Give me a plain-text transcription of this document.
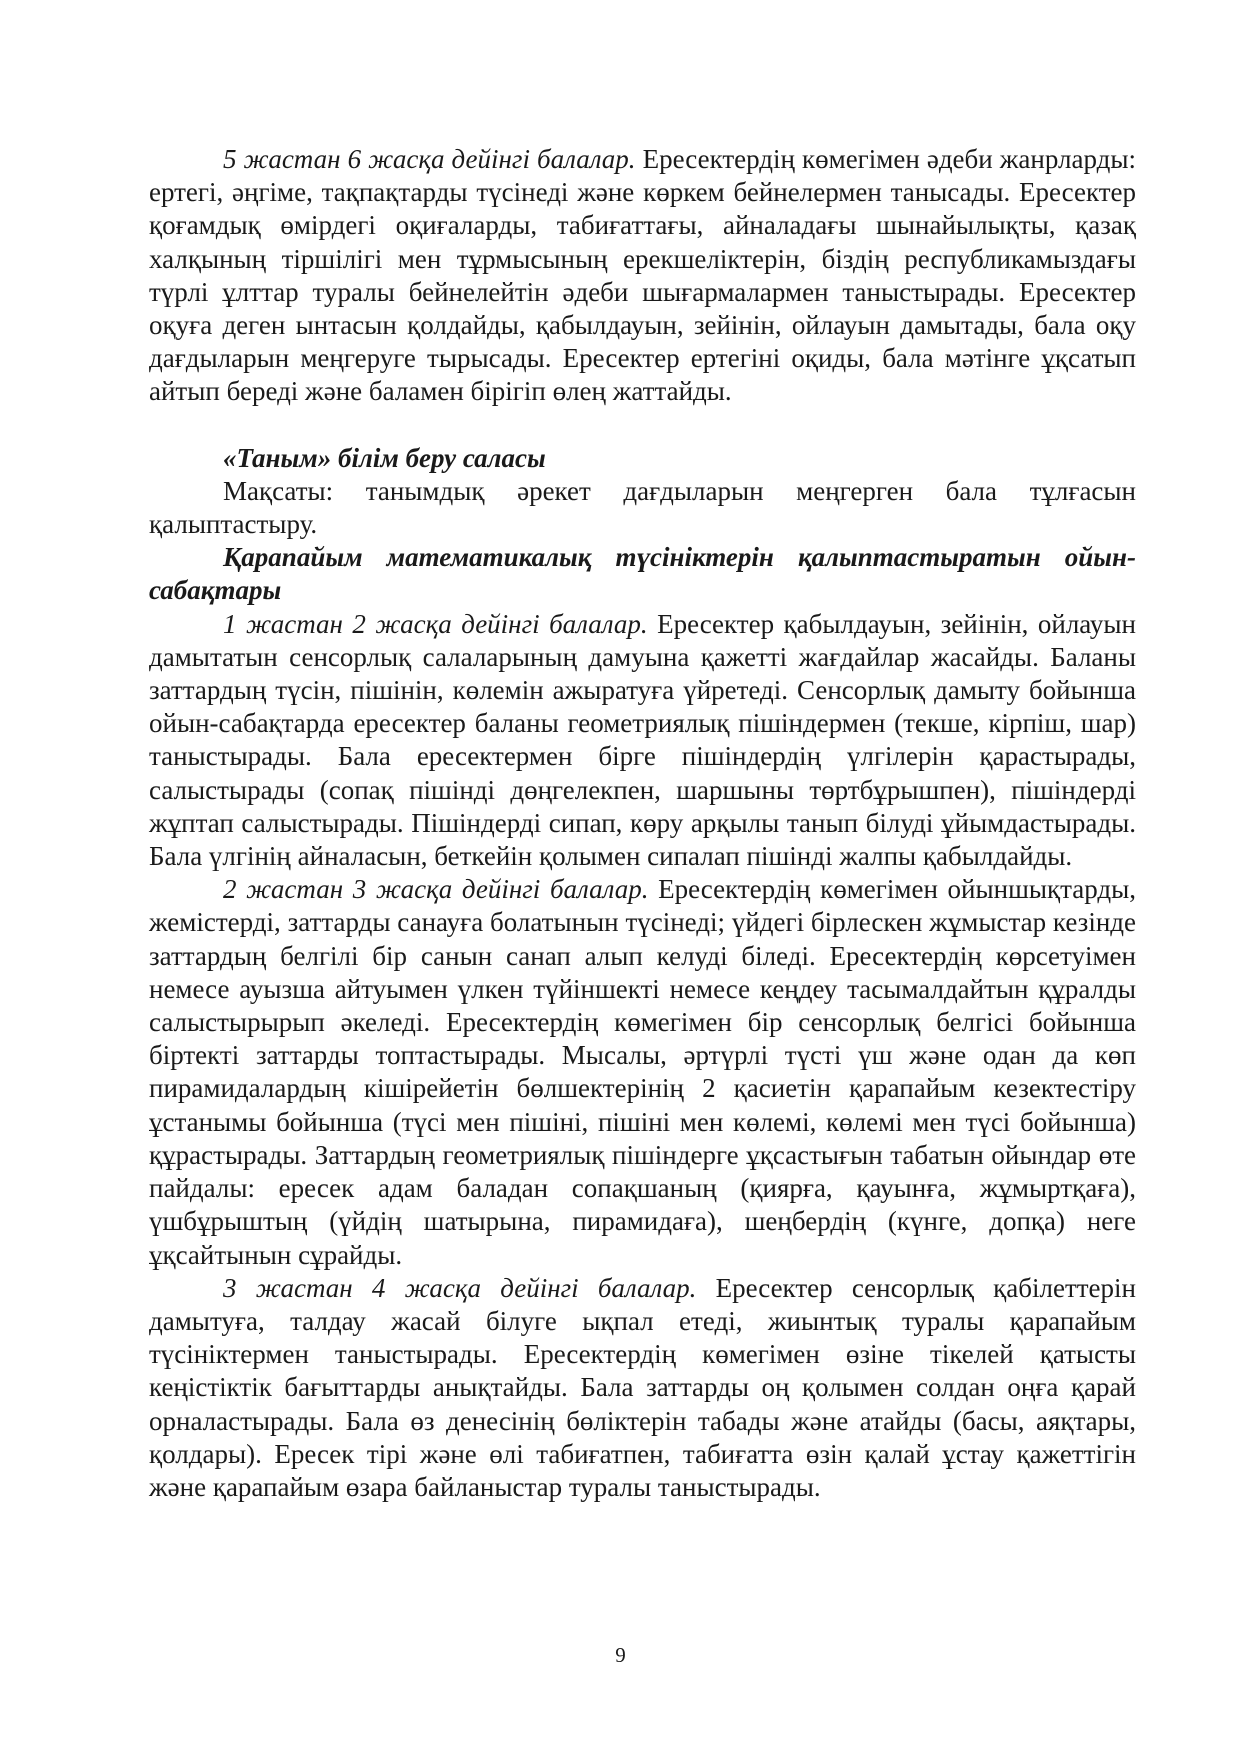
5 жастан 6 жасқа дейінгі балалар. Ересектердің көмегімен әдеби жанрларды: ертегі, әңгіме, тақпақтарды түсінеді және көркем бейнелермен танысады. Ересектер қоғамдық өмірдегі оқиғаларды, табиғаттағы, айналадағы шынайылықты, қазақ халқының тіршілігі мен тұрмысының ерекшеліктерін, біздің республикамыздағы түрлі ұлттар туралы бейнелейтін әдеби шығармалармен таныстырады. Ересектер оқуға деген ынтасын қолдайды, қабылдауын, зейінін, ойлауын дамытады, бала оқу дағдыларын меңгеруге тырысады. Ересектер ертегіні оқиды, бала мәтінге ұқсатып айтып береді және баламен бірігіп өлең жаттайды.

«Таным» білім беру саласы

Мақсаты: танымдық әрекет дағдыларын меңгерген бала тұлғасын қалыптастыру.

Қарапайым математикалық түсініктерін қалыптастыратын ойын-сабақтары

1 жастан 2 жасқа дейінгі балалар. Ересектер қабылдауын, зейінін, ойлауын дамытатын сенсорлық салаларының дамуына қажетті жағдайлар жасайды. Баланы заттардың түсін, пішінін, көлемін ажыратуға үйретеді. Сенсорлық дамыту бойынша ойын-сабақтарда ересектер баланы геометриялық пішіндермен (текше, кірпіш, шар) таныстырады. Бала ересектермен бірге пішіндердің үлгілерін қарастырады, салыстырады (сопақ пішінді дөңгелекпен, шаршыны төртбұрышпен), пішіндерді жұптап салыстырады. Пішіндерді сипап, көру арқылы танып білуді ұйымдастырады. Бала үлгінің айналасын, беткейін қолымен сипалап пішінді жалпы қабылдайды.

2 жастан 3 жасқа дейінгі балалар. Ересектердің көмегімен ойыншықтарды, жемістерді, заттарды санауға болатынын түсінеді; үйдегі бірлескен жұмыстар кезінде заттардың белгілі бір санын санап алып келуді біледі. Ересектердің көрсетуімен немесе ауызша айтуымен үлкен түйіншекті немесе кеңдеу тасымалдайтын құралды салыстырырып әкеледі. Ересектердің көмегімен бір сенсорлық белгісі бойынша біртекті заттарды топтастырады. Мысалы, әртүрлі түсті үш және одан да көп пирамидалардың кішірейетін бөлшектерінің 2 қасиетін қарапайым кезектестіру ұстанымы бойынша (түсі мен пішіні, пішіні мен көлемі, көлемі мен түсі бойынша) құрастырады. Заттардың геометриялық пішіндерге ұқсастығын табатын ойындар өте пайдалы: ересек адам баладан сопақшаның (қиярға, қауынға, жұмыртқаға), үшбұрыштың (үйдің шатырына, пирамидаға), шеңбердің (күнге, допқа) неге ұқсайтынын сұрайды.

3 жастан 4 жасқа дейінгі балалар. Ересектер сенсорлық қабілеттерін дамытуға, талдау жасай білуге ықпал етеді, жиынтық туралы қарапайым түсініктермен таныстырады. Ересектердің көмегімен өзіне тікелей қатысты кеңістіктік бағыттарды анықтайды. Бала заттарды оң қолымен солдан оңға қарай орналастырады. Бала өз денесінің бөліктерін табады және атайды (басы, аяқтары, қолдары). Ересек тірі және өлі табиғатпен, табиғатта өзін қалай ұстау қажеттігін және қарапайым өзара байланыстар туралы таныстырады.

9
